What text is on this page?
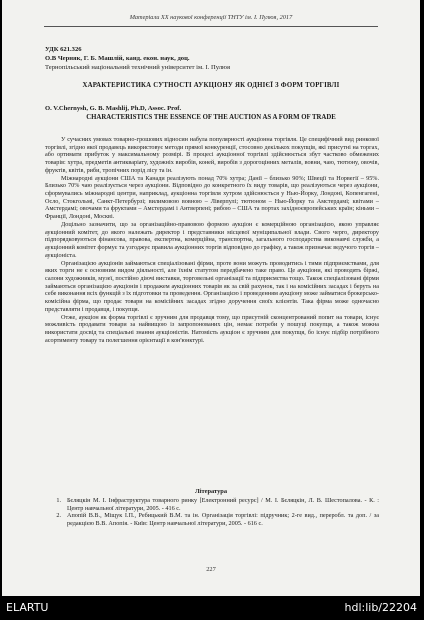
Матеріали XX наукової конференції ТНТУ ім. І. Пулюя, 2017
УДК 621.326
О.В Черняк, Г. Б. Машлій, канд. екон. наук, доц.
Тернопільський національний технічний університет ім. І. Пулюя
ХАРАКТЕРИСТИКА СУТНОСТІ АУКЦІОНУ ЯК ОДНІЄЇ З ФОРМ ТОРГІВЛІ
O. V.Chernysh, G. B. Mashlij, Ph.D, Assoc. Prof.
CHARACTERISTICS THE ESSENCE OF THE AUCTION AS A FORM OF TRADE

У сучасних умовах товарно-грошових відносин набула популярності аукціонна торгівля. Це специфічний вид ринкової торгівлі, згідно якої продавець використовує методи прямої конкуренції, стосовно декількох покупців, які присутні на торгах, або ортимати прибуток у максимальному розмірі. В процесі аукціонної торгівлі здійснюється збут частково обмежених товарів: хутра, предметів антикваріату, художніх виробів, коней, виробів з дорогоцінних металів, вовни, чаю, тютюну, овочів, фруктів, квітів, риби, тропічних порід лісу та ін.

Міжнародні аукціони США та Канади реалізують понад 70% хутра; Данії – близько 90%; Швеції та Норвегії – 95%. Близько 70% чаю реалізується через аукціони. Відповідно до конкретного їх виду товарів, що реалізуються через аукціони, сформувались міжнародні центри, наприклад, аукціонна торгівля хутром здійснюється у Нью-Йорку, Лондоні, Копенгагені, Осло, Стокгольмі, Санкт-Петербурзі; вилимовою вовною – Ліверпулі; тютюном – Нью-Йорку та Амстердамі; квітами – Амстердамі; овочами та фруктами – Амстердамі і Антверпені; рибою – США та портах західноєвропейських країн; кіньми – Франції, Лондоні, Москві.

Доцільно зазначити, що за організаційно-правовою формою аукціон є комерційною організацією, якою управляє аукціонний комітет, до якого належать директор і представники місцевої муніципальної влади. Свого черго, директору підпорядковуються фінансова, правова, експертна, комерційна, транспортна, загального господарства виконавчі служби, а аукціонний комітет формує та узгоджує правила аукціонних торгів відповідно до графіку, а також призначає ведучого торгів – аукціоніста.

Організацією аукціонів займаються спеціалізовані фірми, проте вони можуть проводитись і тими підприємствами, для яких торги не є основним видом діяльності, але їхнім статутом передбачено таке право. Це аукціони, які проводять біржі, салони художників, музеї, постійно діючі виставки, торговельні організації та підприємства тощо. Також спеціалізовані фірми займаються організацією аукціонів і продажем аукціонних товарів як за свій рахунок, так і на комісійних засадах і беруть на себе виконання всіх функцій з їх підготовки та проведення. Організацією і проведенням аукціону може займатися брокерсько-комісійна фірма, що продає товари на комісійних засадах згідно доручення своїх клієнтів. Така фірма може одночасно представляти і продавця, і покупця.

Отже, аукціон як форма торгівлі є зручним для продавця тому, що присутній сконцентрований попит на товари, існує можливість продавати товари за найвищою із запропонованих цін, немає потреби у пошуці покупця, а також можна використати досвід та спеціальні знання аукціоністів. Натомість аукціон є зручним для покупця, бо існує підбір потрібного асортименту товару та полегшення орієнтації в кон'юнктурі.

Література
1. Бєляцкін М. І. Інфраструктура товарного ринку [Електронний ресурс] / М. І. Бєляцкін, Л. В. Шестопалова. - К. : Центр навчальної літератури, 2005. - 416 с.
2. Апопій В.В., Міщук І.П., Ребицький В.М. та ін. Організація торгівлі: підручник; 2-ге вид., переробл. та доп. / за редакцією В.В. Апопія. - Київ: Центр навчальної літератури, 2005. - 616 с.
227
ELARTU	hdl:lib/22204
